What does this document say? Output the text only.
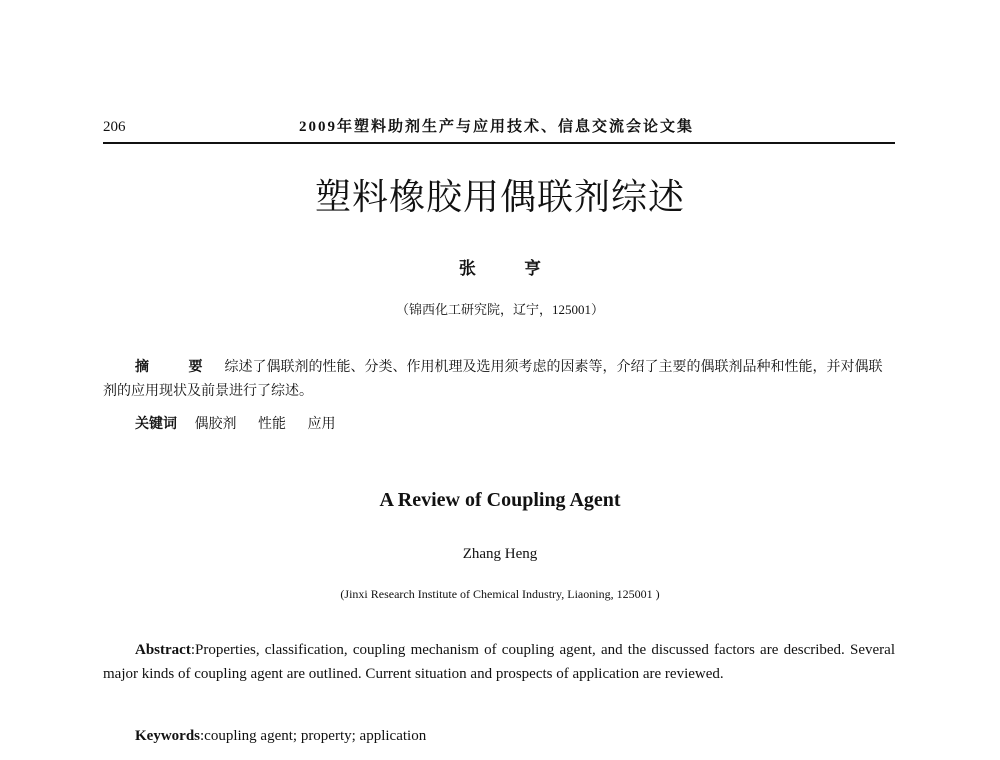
206	2009年塑料助剂生产与应用技术、信息交流会论文集
塑料橡胶用偶联剂综述
张 亨
（锦西化工研究院，辽宁，125001）

摘 要 综述了偶联剂的性能、分类、作用机理及选用须考虑的因素等，介绍了主要的偶联剂品种和性能，并对偶联剂的应用现状及前景进行了综述。

关键词 偶胶剂 性能 应用
A Review of Coupling Agent
Zhang Heng
(Jinxi Research Institute of Chemical Industry, Liaoning, 125001 )

Abstract:Properties, classification, coupling mechanism of coupling agent, and the discussed factors are described. Several major kinds of coupling agent are outlined. Current situation and prospects of application are reviewed.

Keywords:coupling agent; property; application
